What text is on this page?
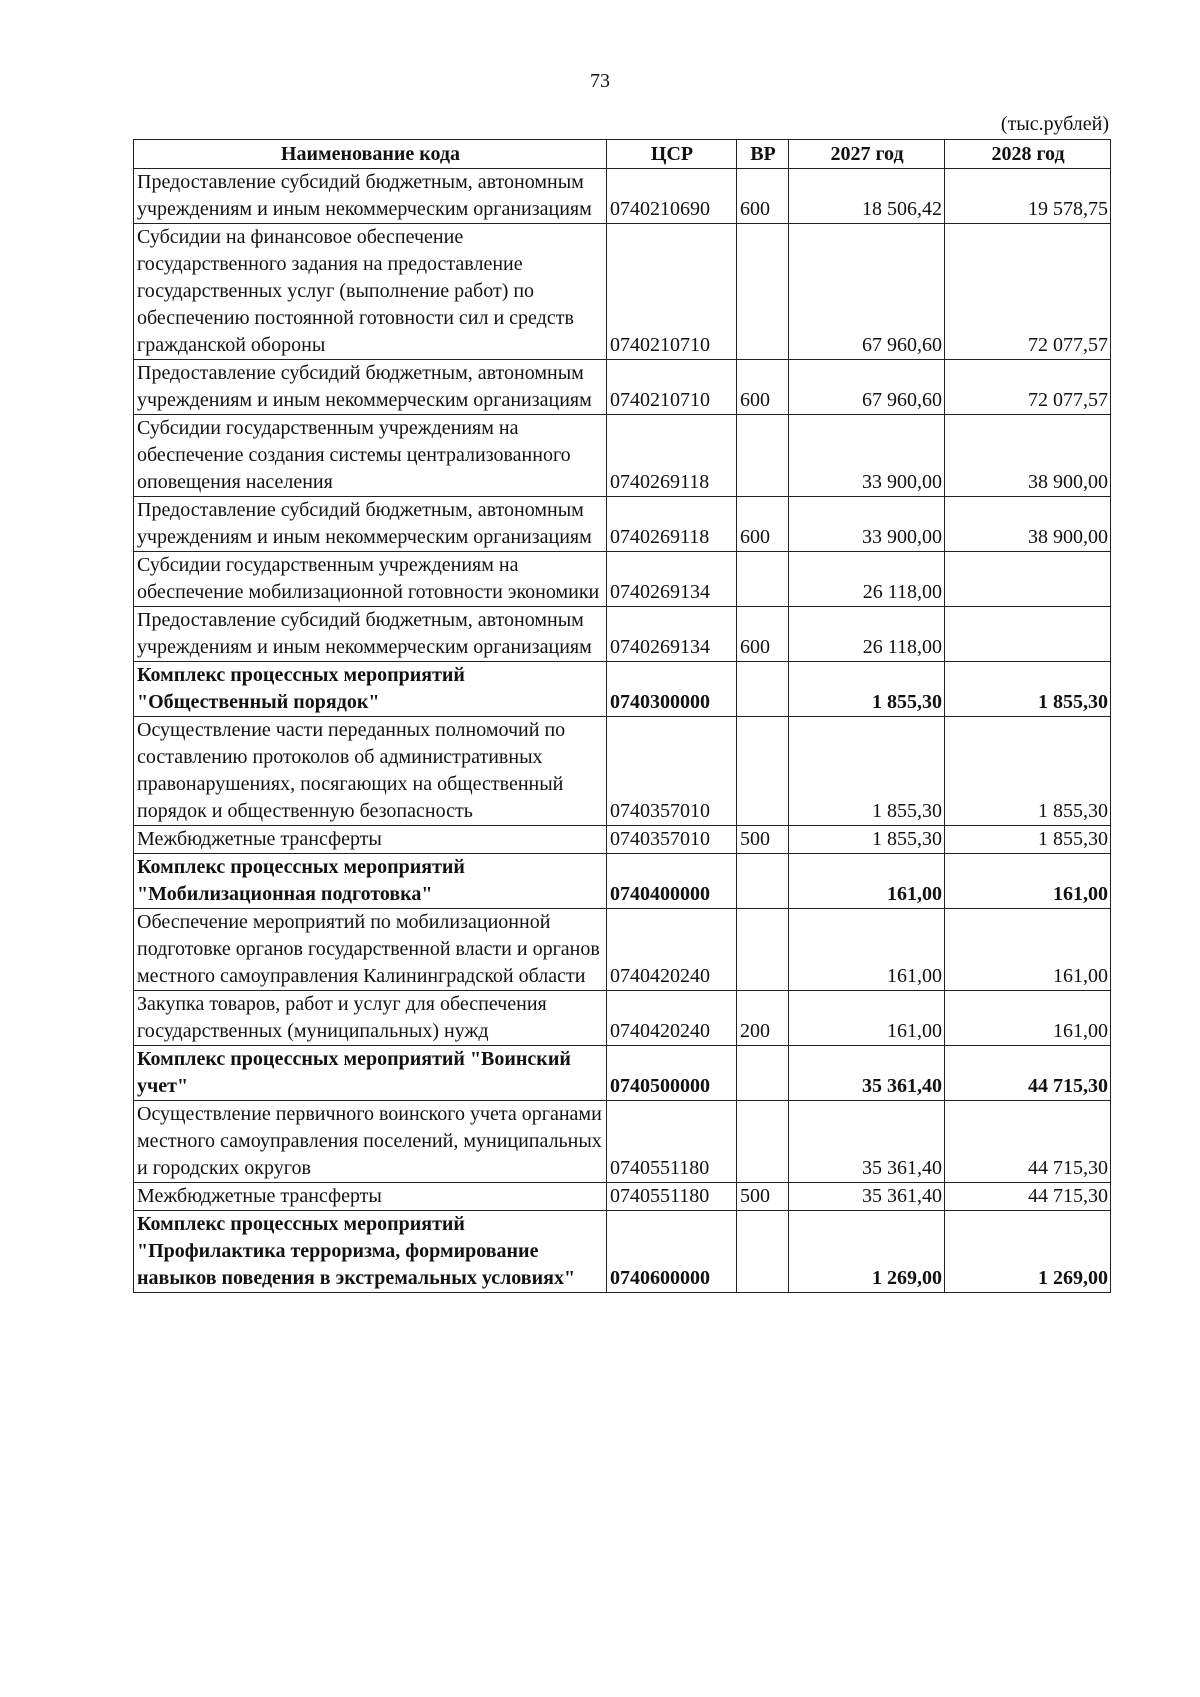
73
(тыс.рублей)
Наименование кода	ЦСР	ВР	2027 год	2028 год
Предоставление субсидий бюджетным, автономным учреждениям и иным некоммерческим организациям	0740210690	600	18 506,42	19 578,75
Субсидии на финансовое обеспечение государственного задания на предоставление государственных услуг (выполнение работ) по обеспечению постоянной готовности сил и средств гражданской обороны	0740210710		67 960,60	72 077,57
Предоставление субсидий бюджетным, автономным учреждениям и иным некоммерческим организациям	0740210710	600	67 960,60	72 077,57
Субсидии государственным учреждениям на обеспечение создания системы централизованного оповещения населения	0740269118		33 900,00	38 900,00
Предоставление субсидий бюджетным, автономным учреждениям и иным некоммерческим организациям	0740269118	600	33 900,00	38 900,00
Субсидии государственным учреждениям на обеспечение мобилизационной готовности экономики	0740269134		26 118,00	
Предоставление субсидий бюджетным, автономным учреждениям и иным некоммерческим организациям	0740269134	600	26 118,00	
Комплекс процессных мероприятий "Общественный порядок"	0740300000		1 855,30	1 855,30
Осуществление части переданных полномочий по составлению протоколов об административных правонарушениях, посягающих на общественный порядок и общественную безопасность	0740357010		1 855,30	1 855,30
Межбюджетные трансферты	0740357010	500	1 855,30	1 855,30
Комплекс процессных мероприятий "Мобилизационная подготовка"	0740400000		161,00	161,00
Обеспечение мероприятий по мобилизационной подготовке органов государственной власти и органов местного самоуправления Калининградской области	0740420240		161,00	161,00
Закупка товаров, работ и услуг для обеспечения государственных (муниципальных) нужд	0740420240	200	161,00	161,00
Комплекс процессных мероприятий "Воинский учет"	0740500000		35 361,40	44 715,30
Осуществление первичного воинского учета органами местного самоуправления поселений, муниципальных и городских округов	0740551180		35 361,40	44 715,30
Межбюджетные трансферты	0740551180	500	35 361,40	44 715,30
Комплекс процессных мероприятий "Профилактика терроризма, формирование навыков поведения в экстремальных условиях"	0740600000		1 269,00	1 269,00
